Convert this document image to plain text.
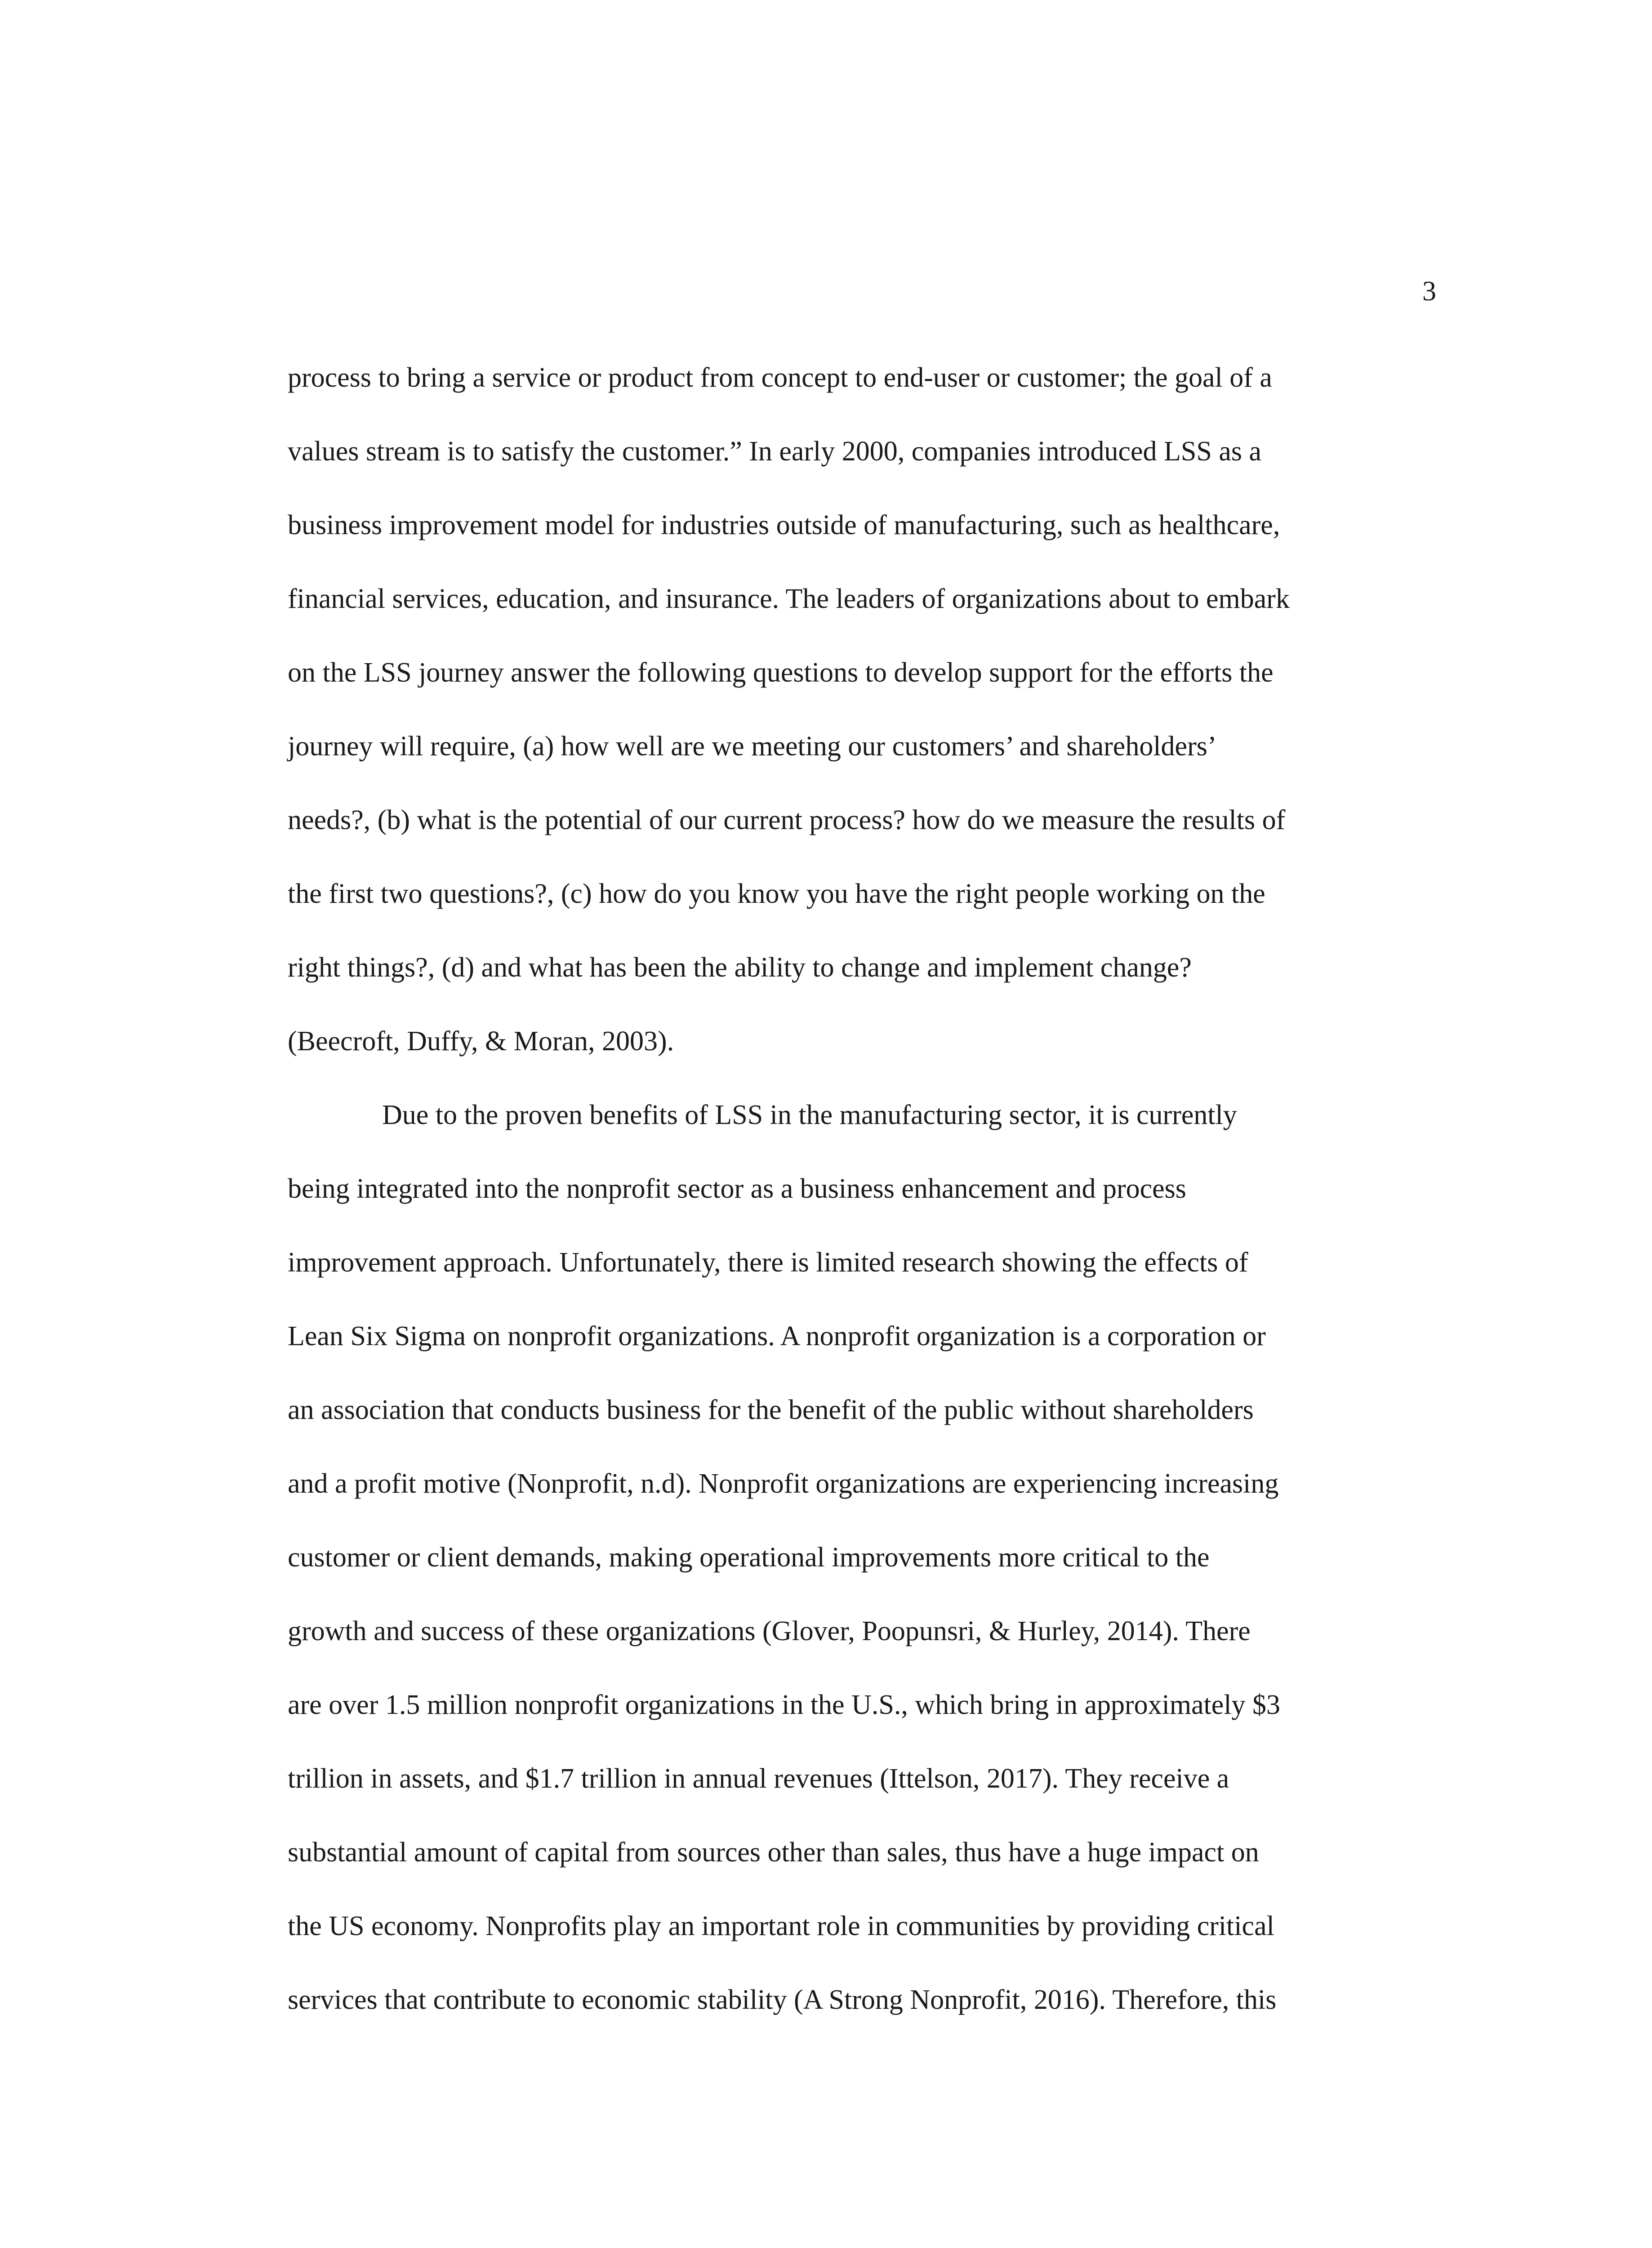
3
process to bring a service or product from concept to end-user or customer; the goal of a
values stream is to satisfy the customer.” In early 2000, companies introduced LSS as a
business improvement model for industries outside of manufacturing, such as healthcare,
financial services, education, and insurance. The leaders of organizations about to embark
on the LSS journey answer the following questions to develop support for the efforts the
journey will require, (a) how well are we meeting our customers’ and shareholders’
needs?, (b) what is the potential of our current process? how do we measure the results of
the first two questions?, (c) how do you know you have the right people working on the
right things?, (d) and what has been the ability to change and implement change?
(Beecroft, Duffy, & Moran, 2003).
Due to the proven benefits of LSS in the manufacturing sector, it is currently
being integrated into the nonprofit sector as a business enhancement and process
improvement approach. Unfortunately, there is limited research showing the effects of
Lean Six Sigma on nonprofit organizations. A nonprofit organization is a corporation or
an association that conducts business for the benefit of the public without shareholders
and a profit motive (Nonprofit, n.d). Nonprofit organizations are experiencing increasing
customer or client demands, making operational improvements more critical to the
growth and success of these organizations (Glover, Poopunsri, & Hurley, 2014). There
are over 1.5 million nonprofit organizations in the U.S., which bring in approximately $3
trillion in assets, and $1.7 trillion in annual revenues (Ittelson, 2017). They receive a
substantial amount of capital from sources other than sales, thus have a huge impact on
the US economy. Nonprofits play an important role in communities by providing critical
services that contribute to economic stability (A Strong Nonprofit, 2016). Therefore, this
